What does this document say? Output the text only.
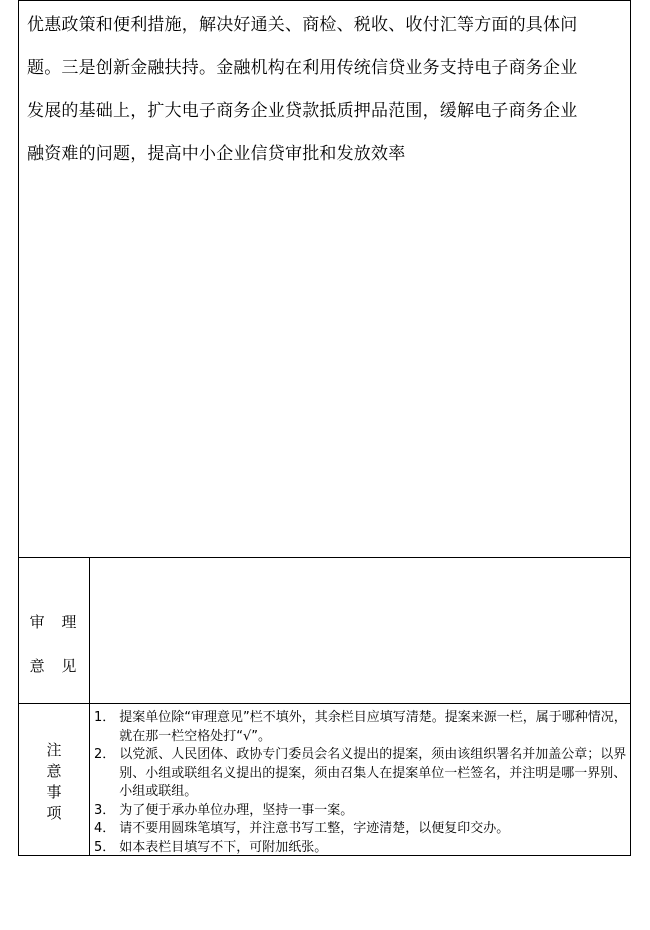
优惠政策和便利措施，解决好通关、商检、税收、收付汇等方面的具体问
题。三是创新金融扶持。金融机构在利用传统信贷业务支持电子商务企业
发展的基础上，扩大电子商务企业贷款抵质押品范围，缓解电子商务企业
融资难的问题，提高中小企业信贷审批和发放效率
审 理
意 见
注
意
事
项
1． 提案单位除“审理意见”栏不填外，其余栏目应填写清楚。提案来源一栏，属于哪种情况，就在那一栏空格处打“√”。
2． 以党派、人民团体、政协专门委员会名义提出的提案，须由该组织署名并加盖公章；以界别、小组或联组名义提出的提案，须由召集人在提案单位一栏签名，并注明是哪一界别、小组或联组。
3． 为了便于承办单位办理，坚持一事一案。
4． 请不要用圆珠笔填写，并注意书写工整，字迹清楚，以便复印交办。
5． 如本表栏目填写不下，可附加纸张。
